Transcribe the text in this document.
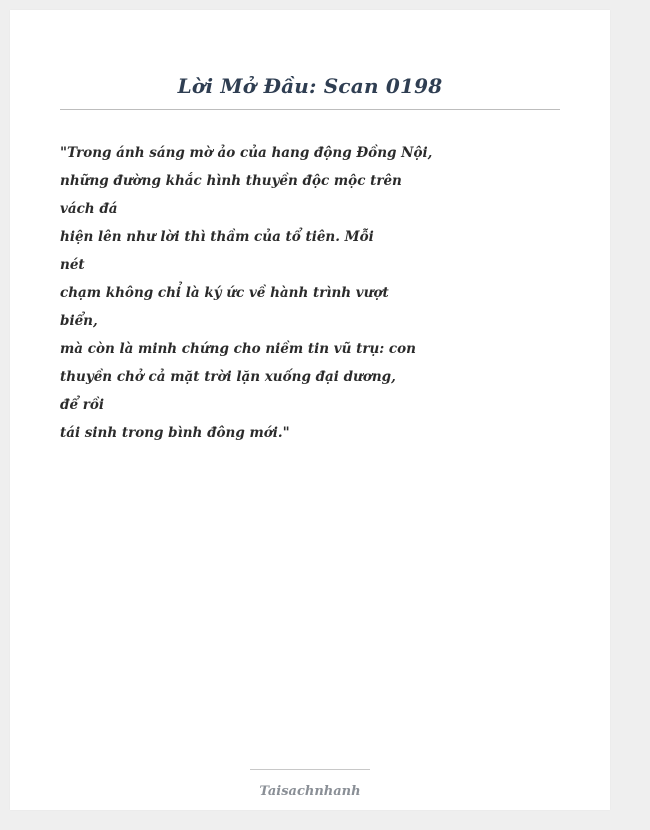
Lời Mở Đầu: Scan 0198
"Trong ánh sáng mờ ảo của hang động Đồng Nội,
những đường khắc hình thuyền độc mộc trên
vách đá
hiện lên như lời thì thầm của tổ tiên. Mỗi
nét
chạm không chỉ là ký ức về hành trình vượt
biển,
mà còn là minh chứng cho niềm tin vũ trụ: con
thuyền chở cả mặt trời lặn xuống đại dương,
để rồi
tái sinh trong bình đông mới."
Taisachnhanh
